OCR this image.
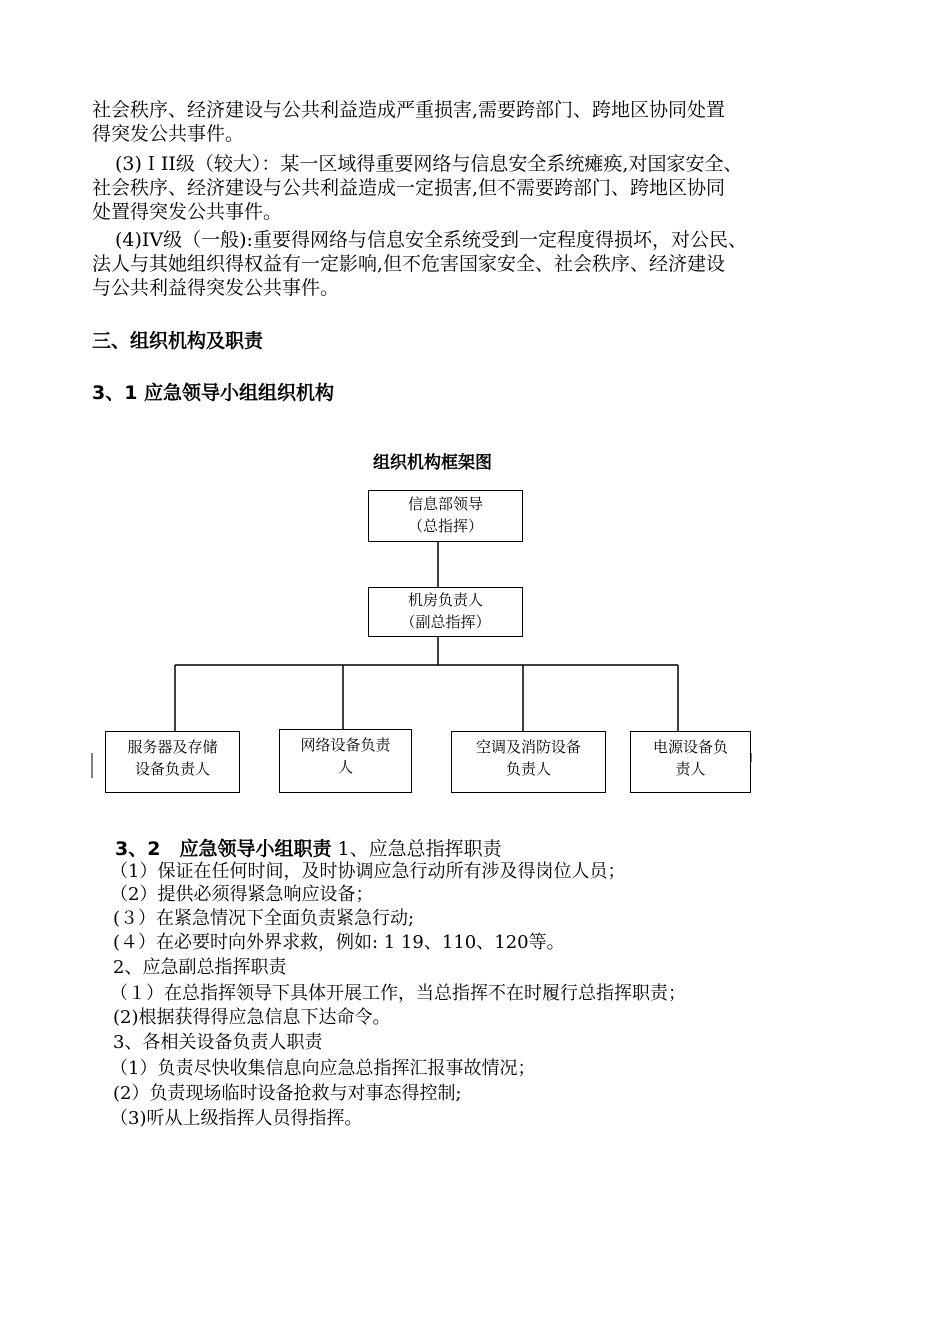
社会秩序、经济建设与公共利益造成严重损害,需要跨部门、跨地区协同处置
得突发公共事件。
(3)ＩII级（较大）：某一区域得重要网络与信息安全系统瘫痪,对国家安全、
社会秩序、经济建设与公共利益造成一定损害,但不需要跨部门、跨地区协同
处置得突发公共事件。
(4)IV级（一般):重要得网络与信息安全系统受到一定程度得损坏，对公民、
法人与其她组织得权益有一定影响,但不危害国家安全、社会秩序、经济建设
与公共利益得突发公共事件。
三、组织机构及职责
3、1 应急领导小组组织机构
组织机构框架图
信息部领导
（总指挥）
机房负责人
（副总指挥）
服务器及存储
设备负责人
网络设备负责
人
空调及消防设备
负责人
电源设备负
责人
3、2　应急领导小组职责 1、应急总指挥职责
（1）保证在任何时间，及时协调应急行动所有涉及得岗位人员；
（2）提供必须得紧急响应设备；
(３）在紧急情况下全面负责紧急行动;
(４）在必要时向外界求救，例如: 1 19、110、120等。
2、应急副总指挥职责
（１）在总指挥领导下具体开展工作，当总指挥不在时履行总指挥职责；
(2)根据获得得应急信息下达命令。
3、各相关设备负责人职责
（1）负责尽快收集信息向应急总指挥汇报事故情况；
(2）负责现场临时设备抢救与对事态得控制;
（3)听从上级指挥人员得指挥。
